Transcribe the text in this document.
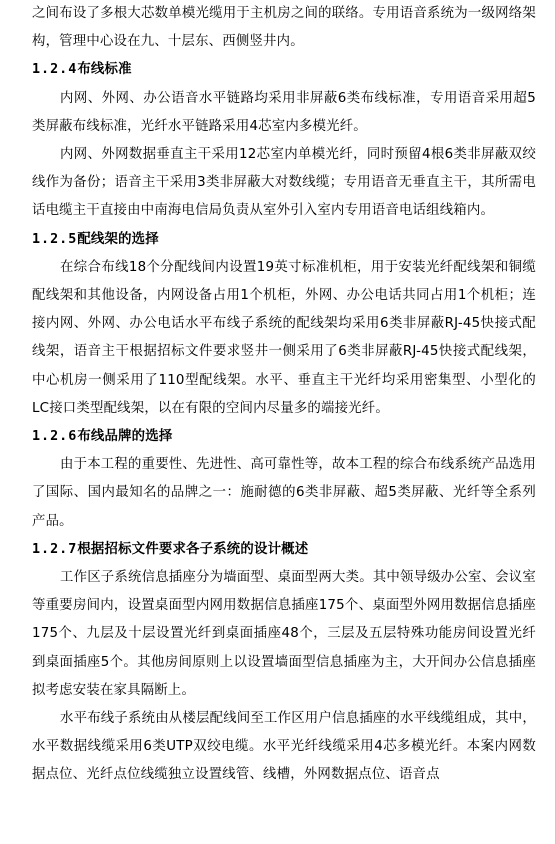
之间布设了多根大芯数单模光缆用于主机房之间的联络。专用语音系统为一级网络架构，管理中心设在九、十层东、西侧竖井内。

1.2.4布线标准

内网、外网、办公语音水平链路均采用非屏蔽6类布线标准，专用语音采用超5类屏蔽布线标准，光纤水平链路采用4芯室内多模光纤。

内网、外网数据垂直主干采用12芯室内单模光纤，同时预留4根6类非屏蔽双绞线作为备份；语音主干采用3类非屏蔽大对数线缆；专用语音无垂直主干，其所需电话电缆主干直接由中南海电信局负责从室外引入室内专用语音电话组线箱内。

1.2.5配线架的选择

在综合布线18个分配线间内设置19英寸标准机柜，用于安装光纤配线架和铜缆配线架和其他设备，内网设备占用1个机柜，外网、办公电话共同占用1个机柜；连接内网、外网、办公电话水平布线子系统的配线架均采用6类非屏蔽RJ-45快接式配线架，语音主干根据招标文件要求竖井一侧采用了6类非屏蔽RJ-45快接式配线架，中心机房一侧采用了110型配线架。水平、垂直主干光纤均采用密集型、小型化的LC接口类型配线架，以在有限的空间内尽量多的端接光纤。

1.2.6布线品牌的选择

由于本工程的重要性、先进性、高可靠性等，故本工程的综合布线系统产品选用了国际、国内最知名的品牌之一：施耐德的6类非屏蔽、超5类屏蔽、光纤等全系列产品。

1.2.7根据招标文件要求各子系统的设计概述

工作区子系统信息插座分为墙面型、桌面型两大类。其中领导级办公室、会议室等重要房间内，设置桌面型内网用数据信息插座175个、桌面型外网用数据信息插座175个、九层及十层设置光纤到桌面插座48个，三层及五层特殊功能房间设置光纤到桌面插座5个。其他房间原则上以设置墙面型信息插座为主，大开间办公信息插座拟考虑安装在家具隔断上。

水平布线子系统由从楼层配线间至工作区用户信息插座的水平线缆组成，其中，水平数据线缆采用6类UTP双绞电缆。水平光纤线缆采用4芯多模光纤。本案内网数据点位、光纤点位线缆独立设置线管、线槽，外网数据点位、语音点
